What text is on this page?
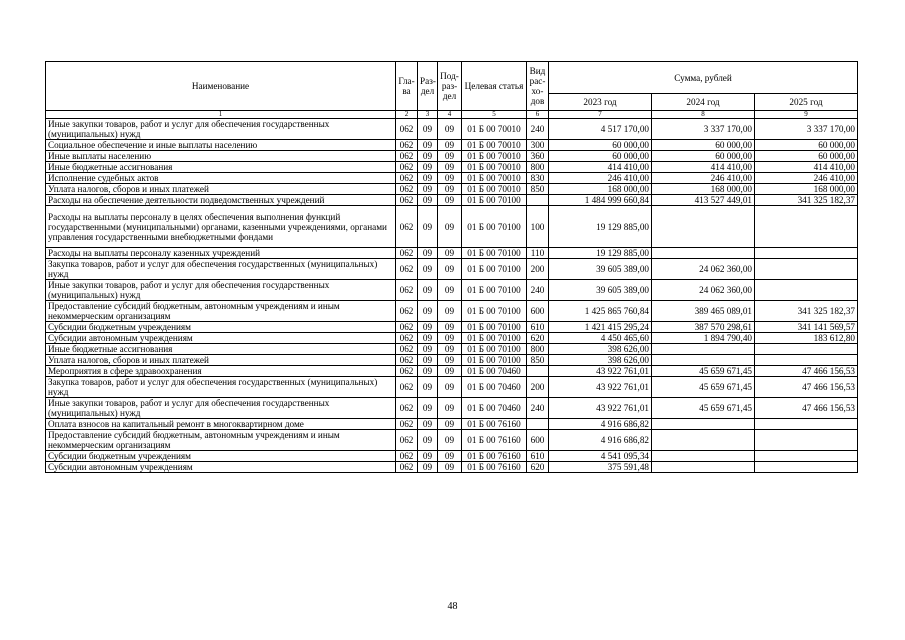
Наименование	Гла-ва	Раз-дел	Под-раз-дел	Целевая статья	Вид рас-хо-дов	Сумма, рублей		
						2023 год	2024 год	2025 год
1	2	3	4	5	6	7	8	9
Иные закупки товаров, работ и услуг для обеспечения государственных (муниципальных) нужд	062	09	09	01 Б 00 70010	240	4 517 170,00	3 337 170,00	3 337 170,00
Социальное обеспечение и иные выплаты населению	062	09	09	01 Б 00 70010	300	60 000,00	60 000,00	60 000,00
Иные выплаты населению	062	09	09	01 Б 00 70010	360	60 000,00	60 000,00	60 000,00
Иные бюджетные ассигнования	062	09	09	01 Б 00 70010	800	414 410,00	414 410,00	414 410,00
Исполнение судебных актов	062	09	09	01 Б 00 70010	830	246 410,00	246 410,00	246 410,00
Уплата налогов, сборов и иных платежей	062	09	09	01 Б 00 70010	850	168 000,00	168 000,00	168 000,00
Расходы на обеспечение деятельности подведомственных учреждений	062	09	09	01 Б 00 70100		1 484 999 660,84	413 527 449,01	341 325 182,37
Расходы на выплаты персоналу в целях обеспечения выполнения функций государственными (муниципальными) органами, казенными учреждениями, органами управления государственными внебюджетными фондами	062	09	09	01 Б 00 70100	100	19 129 885,00		
Расходы на выплаты персоналу казенных учреждений	062	09	09	01 Б 00 70100	110	19 129 885,00		
Закупка товаров, работ и услуг для обеспечения государственных (муниципальных) нужд	062	09	09	01 Б 00 70100	200	39 605 389,00	24 062 360,00	
Иные закупки товаров, работ и услуг для обеспечения государственных (муниципальных) нужд	062	09	09	01 Б 00 70100	240	39 605 389,00	24 062 360,00	
Предоставление субсидий бюджетным, автономным учреждениям и иным некоммерческим организациям	062	09	09	01 Б 00 70100	600	1 425 865 760,84	389 465 089,01	341 325 182,37
Субсидии бюджетным учреждениям	062	09	09	01 Б 00 70100	610	1 421 415 295,24	387 570 298,61	341 141 569,57
Субсидии автономным учреждениям	062	09	09	01 Б 00 70100	620	4 450 465,60	1 894 790,40	183 612,80
Иные бюджетные ассигнования	062	09	09	01 Б 00 70100	800	398 626,00		
Уплата налогов, сборов и иных платежей	062	09	09	01 Б 00 70100	850	398 626,00		
Мероприятия в сфере здравоохранения	062	09	09	01 Б 00 70460		43 922 761,01	45 659 671,45	47 466 156,53
Закупка товаров, работ и услуг для обеспечения государственных (муниципальных) нужд	062	09	09	01 Б 00 70460	200	43 922 761,01	45 659 671,45	47 466 156,53
Иные закупки товаров, работ и услуг для обеспечения государственных (муниципальных) нужд	062	09	09	01 Б 00 70460	240	43 922 761,01	45 659 671,45	47 466 156,53
Оплата взносов на капитальный ремонт в многоквартирном доме	062	09	09	01 Б 00 76160		4 916 686,82		
Предоставление субсидий бюджетным, автономным учреждениям и иным некоммерческим организациям	062	09	09	01 Б 00 76160	600	4 916 686,82		
Субсидии бюджетным учреждениям	062	09	09	01 Б 00 76160	610	4 541 095,34		
Субсидии автономным учреждениям	062	09	09	01 Б 00 76160	620	375 591,48		
48
